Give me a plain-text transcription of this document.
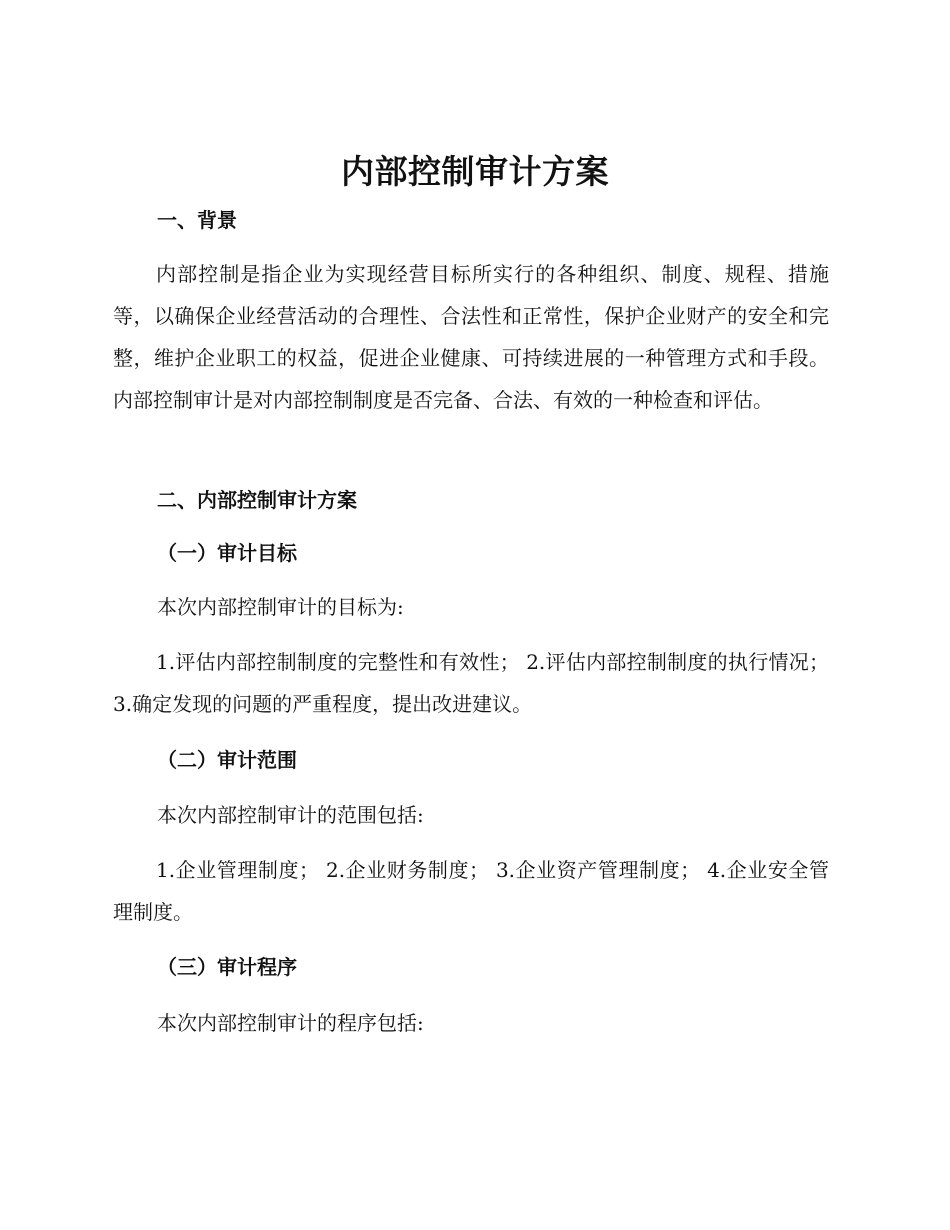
内部控制审计方案
一、背景
内部控制是指企业为实现经营目标所实行的各种组织、制度、规程、措施等，以确保企业经营活动的合理性、合法性和正常性，保护企业财产的安全和完整，维护企业职工的权益，促进企业健康、可持续进展的一种管理方式和手段。内部控制审计是对内部控制制度是否完备、合法、有效的一种检查和评估。
二、内部控制审计方案
（一）审计目标
本次内部控制审计的目标为:
1.评估内部控制制度的完整性和有效性； 2.评估内部控制制度的执行情况； 3.确定发现的问题的严重程度，提出改进建议。
（二）审计范围
本次内部控制审计的范围包括:
1.企业管理制度； 2.企业财务制度； 3.企业资产管理制度； 4.企业安全管理制度。
（三）审计程序
本次内部控制审计的程序包括:
